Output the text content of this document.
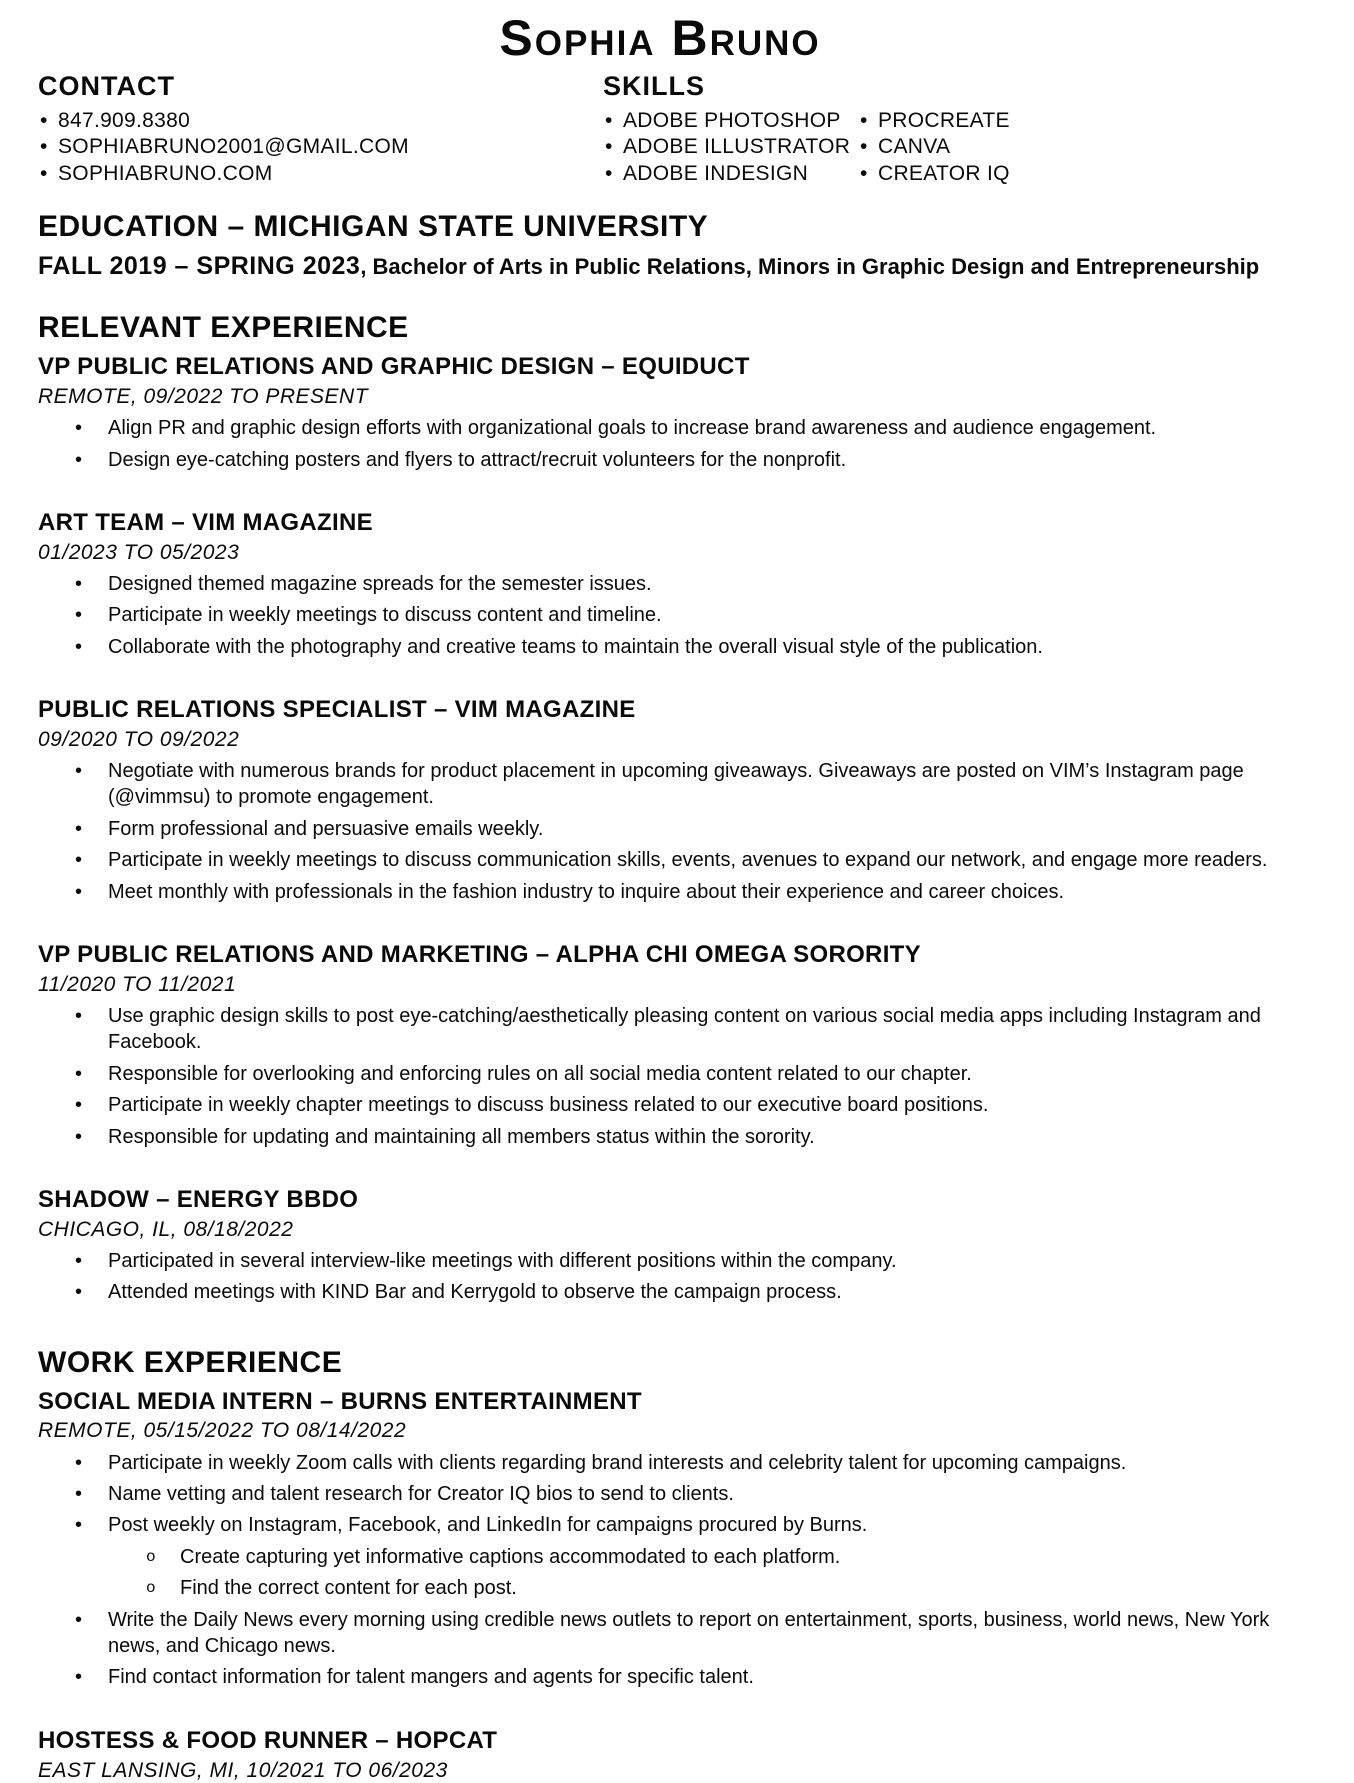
Sophia Bruno
CONTACT
• 847.909.8380
• SOPHIABRUNO2001@GMAIL.COM
• SOPHIABRUNO.COM
SKILLS
• ADOBE PHOTOSHOP
• ADOBE ILLUSTRATOR
• ADOBE INDESIGN
• PROCREATE
• CANVA
• CREATOR IQ
EDUCATION – MICHIGAN STATE UNIVERSITY

FALL 2019 – SPRING 2023, Bachelor of Arts in Public Relations, Minors in Graphic Design and Entrepreneurship

RELEVANT EXPERIENCE
VP PUBLIC RELATIONS AND GRAPHIC DESIGN – EQUIDUCT
REMOTE, 09/2022 TO PRESENT
• Align PR and graphic design efforts with organizational goals to increase brand awareness and audience engagement.
• Design eye-catching posters and flyers to attract/recruit volunteers for the nonprofit.
ART TEAM – VIM MAGAZINE
01/2023 TO 05/2023
• Designed themed magazine spreads for the semester issues.
• Participate in weekly meetings to discuss content and timeline.
• Collaborate with the photography and creative teams to maintain the overall visual style of the publication.
PUBLIC RELATIONS SPECIALIST – VIM MAGAZINE
09/2020 TO 09/2022
• Negotiate with numerous brands for product placement in upcoming giveaways. Giveaways are posted on VIM’s Instagram page (@vimmsu) to promote engagement.
• Form professional and persuasive emails weekly.
• Participate in weekly meetings to discuss communication skills, events, avenues to expand our network, and engage more readers.
• Meet monthly with professionals in the fashion industry to inquire about their experience and career choices.
VP PUBLIC RELATIONS AND MARKETING – ALPHA CHI OMEGA SORORITY
11/2020 TO 11/2021
• Use graphic design skills to post eye-catching/aesthetically pleasing content on various social media apps including Instagram and Facebook.
• Responsible for overlooking and enforcing rules on all social media content related to our chapter.
• Participate in weekly chapter meetings to discuss business related to our executive board positions.
• Responsible for updating and maintaining all members status within the sorority.
SHADOW – ENERGY BBDO
CHICAGO, IL, 08/18/2022
• Participated in several interview-like meetings with different positions within the company.
• Attended meetings with KIND Bar and Kerrygold to observe the campaign process.
WORK EXPERIENCE
SOCIAL MEDIA INTERN – BURNS ENTERTAINMENT
REMOTE, 05/15/2022 TO 08/14/2022
• Participate in weekly Zoom calls with clients regarding brand interests and celebrity talent for upcoming campaigns.
• Name vetting and talent research for Creator IQ bios to send to clients.
• Post weekly on Instagram, Facebook, and LinkedIn for campaigns procured by Burns.
o Create capturing yet informative captions accommodated to each platform.
o Find the correct content for each post.
• Write the Daily News every morning using credible news outlets to report on entertainment, sports, business, world news, New York news, and Chicago news.
• Find contact information for talent mangers and agents for specific talent.
HOSTESS & FOOD RUNNER – HOPCAT
EAST LANSING, MI, 10/2021 TO 06/2023
